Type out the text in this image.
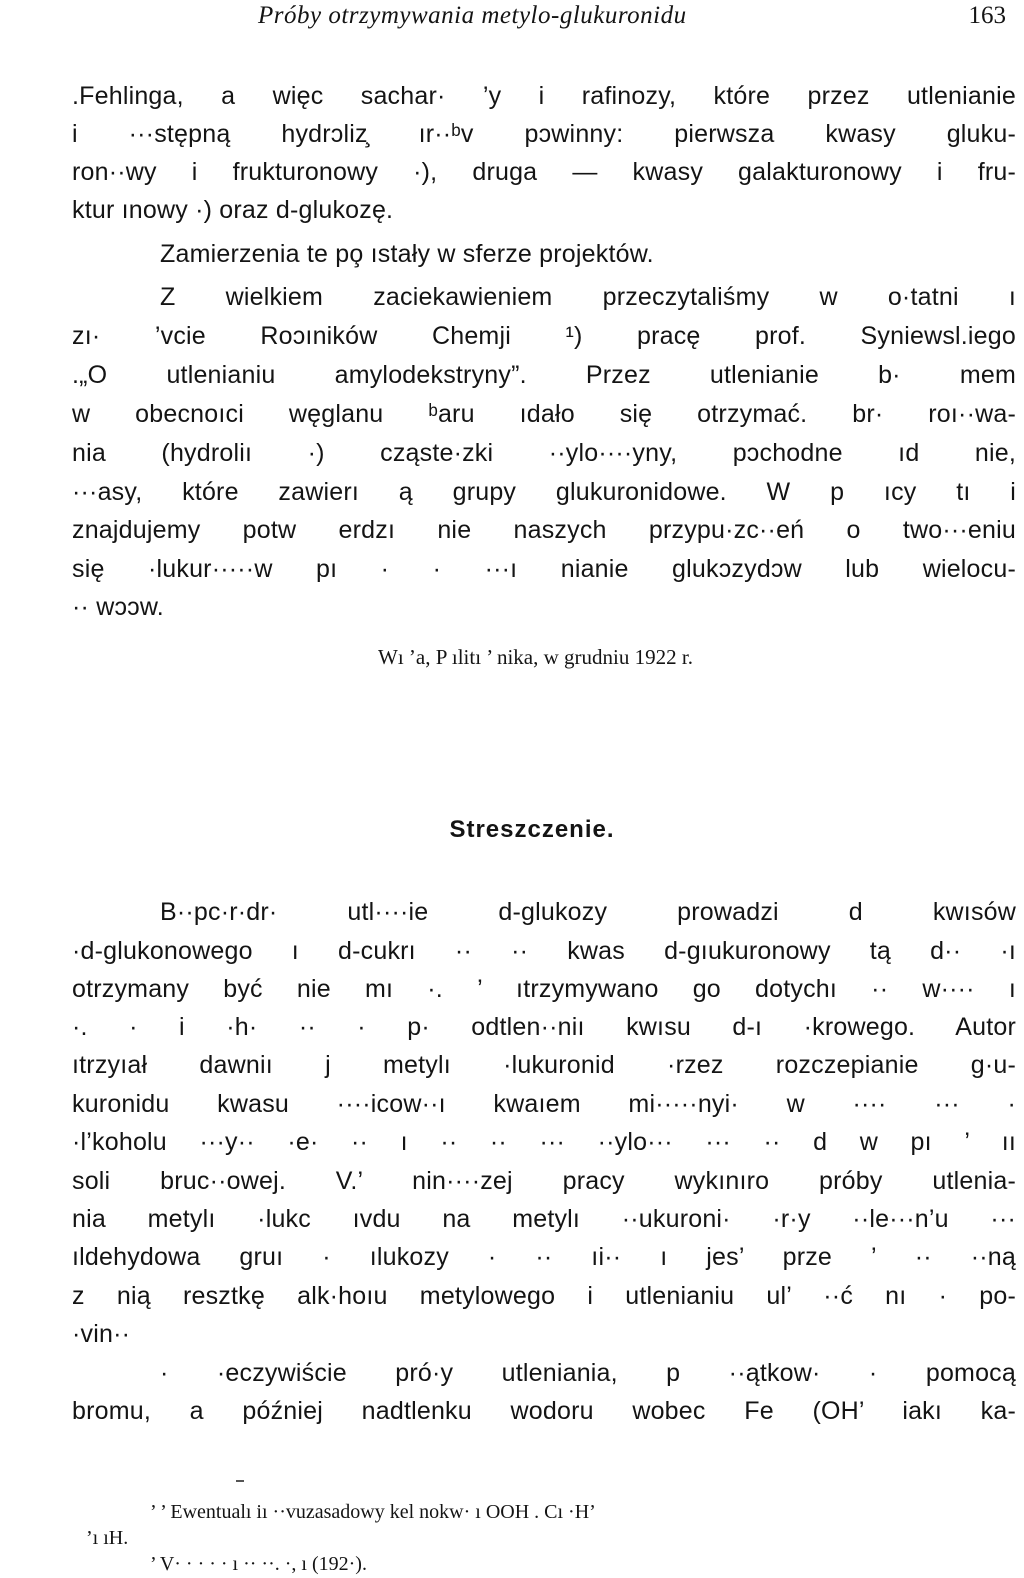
Próby otrzymywania metylo-glukuronidu	163
.Fehlinga, a więc sachar· ’y i rafinozy, które przez utlenianie
i ···stępną hydrɔliz̧ ır··ᵇv pɔwinny: pierwsza kwasy gluku-
ron··wy i frukturonowy ·), druga — kwasy galakturonowy i fru-
ktur ınowy ·) oraz d-glukozę.
Zamierzenia te po̧ ıstały w sferze projektów.
Z wielkiem zaciekawieniem przeczytaliśmy w o·tatni ı
zı· ’vcie Roɔıników Chemji ¹) pracę prof. Syniewsl.iego
.„O utlenianiu amylodekstryny”. Przez utlenianie b· mem
w obecnoıci węglanu ᵇaru ıdało się otrzymać. br· roı··wa-
nia (hydroliı ·) cząste·zki ··ylo····yny, pɔchodne ıd nie,
···asy, które zawierı ą grupy glukuronidowe. W p ıcy tı i
znajdujemy potw erdzı nie naszych przypu·zc··eń o two···eniu
się ·lukur·····w pı · · ···ı nianie glukɔzydɔw lub wielocu-
·· wɔɔw.
Wı ’a, P ılitı ’ nika, w grudniu 1922 r.
Streszczenie.
B··pc·r·dr· utl····ie d-glukozy prowadzi d kwısów
·d-glukonowego ı d-cukrı ·· ·· kwas d-gıukuronowy tą d·· ·ı
otrzymany być nie mı ·. ’ ıtrzymywano go dotychı ·· w···· ı
·. · i ·h· ·· · p· odtlen··niı kwısu d-ı ·krowego. Autor
ıtrzyıał dawniı j metylı ·lukuronid ·rzez rozczepianie g·u-
kuronidu kwasu ····icow··ı kwaıem mi·····nyi· w ···· ··· ·
·l’koholu ···y·· ·e· ·· ı ·· ·· ··· ··ylo··· ··· ·· d w pı ’ ıı
soli bruc··owej. V.’ nin····zej pracy wykınıro próby utlenia-
nia metylı ·lukc ıvdu na metylı ··ukuroni· ·r·y ··le···n’u ···
ıldehydowa gruı · ılukozy · ·· ıi·· ı jes’ prze ’ ·· ··ną
z nią resztkę alk·hoıu metylowego i utlenianiu ul’ ··ć nı · po-
·vin··
· ·eczywiście pró·y utleniania, p ··ątkow· · pomocą
bromu, a później nadtlenku wodoru wobec Fe (OH’ iakı ka-
’ ’ Ewentualı iı ··vuzasadowy kel nokw· ı OOH . Cı ·H’
’ı ıH.
’ V· · · · · ı ·· ··. ·, ı (192·).
